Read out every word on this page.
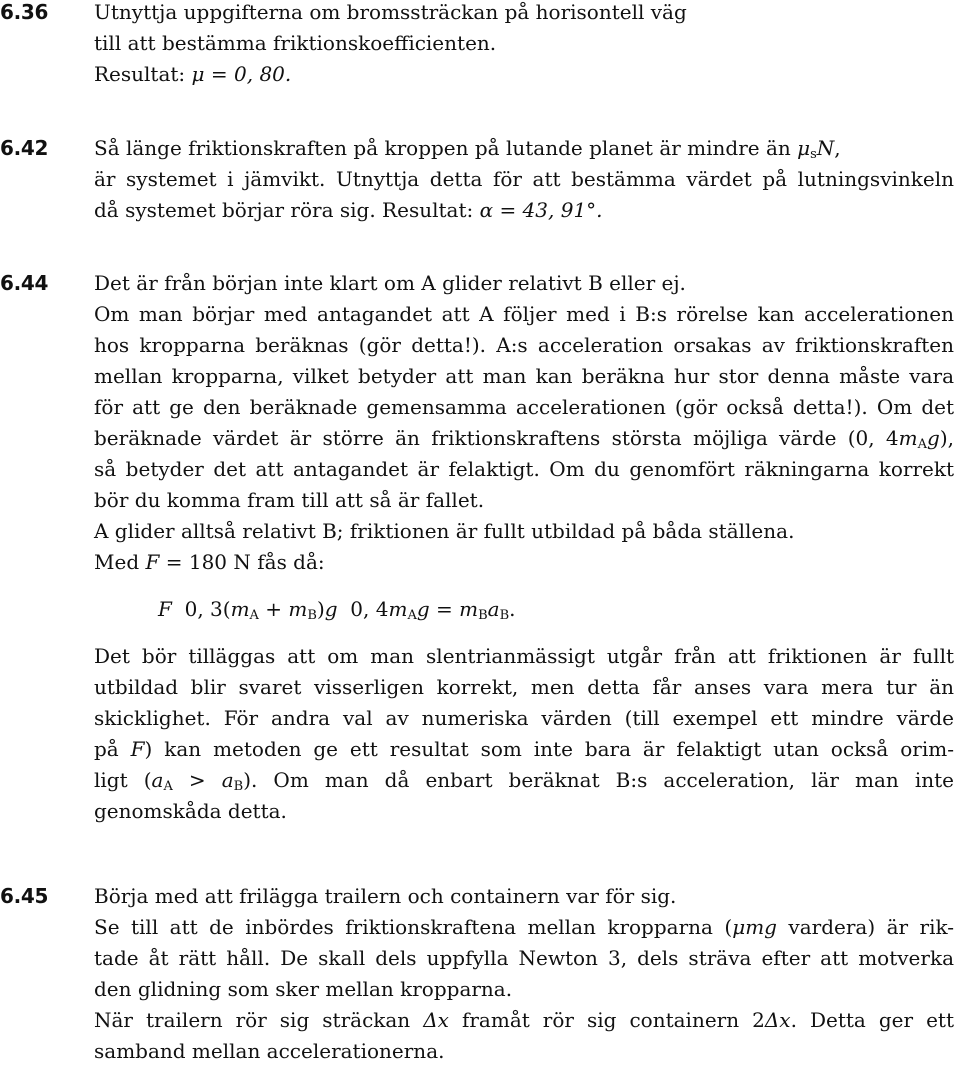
6.36 Utnyttja uppgifterna om bromssträckan på horisontell väg
till att bestämma friktionskoefficienten.
Resultat: μ = 0, 80.
6.42 Så länge friktionskraften på kroppen på lutande planet är mindre än $\mu_sN$,
är systemet i jämvikt. Utnyttja detta för att bestämma värdet på lutningsvinkeln
då systemet börjar röra sig. Resultat: α = 43, 91°.
6.44 Det är från början inte klart om A glider relativt B eller ej.
Om man börjar med antagandet att A följer med i B:s rörelse kan accelerationen
hos kropparna beräknas (gör detta!). A:s acceleration orsakas av friktionskraften
mellan kropparna, vilket betyder att man kan beräkna hur stor denna måste vara
för att ge den beräknade gemensamma accelerationen (gör också detta!). Om det
beräknade värdet är större än friktionskraftens största möjliga värde (0, $4m_Ag$),
så betyder det att antagandet är felaktigt. Om du genomfört räkningarna korrekt
bör du komma fram till att så är fallet.
A glider alltså relativt B; friktionen är fullt utbildad på båda ställena.
Med F = 180 N fås då:
F  0, $3(m_A + m_B)g$  0, $4m_Ag = m_Ba_B$.
Det bör tilläggas att om man slentrianmässigt utgår från att friktionen är fullt
utbildad blir svaret visserligen korrekt, men detta får anses vara mera tur än
skicklighet. För andra val av numeriska värden (till exempel ett mindre värde
på F) kan metoden ge ett resultat som inte bara är felaktigt utan också orim-
ligt $(a_A > a_B)$. Om man då enbart beräknat B:s acceleration, lär man inte
genomskåda detta.
6.45 Börja med att frilägga trailern och containern var för sig.
Se till att de inbördes friktionskraftena mellan kropparna (μmg vardera) är rik-
tade åt rätt håll. De skall dels uppfylla Newton 3, dels sträva efter att motverka
den glidning som sker mellan kropparna.
När trailern rör sig sträckan Δx framåt rör sig containern 2Δx. Detta ger ett
samband mellan accelerationerna.
